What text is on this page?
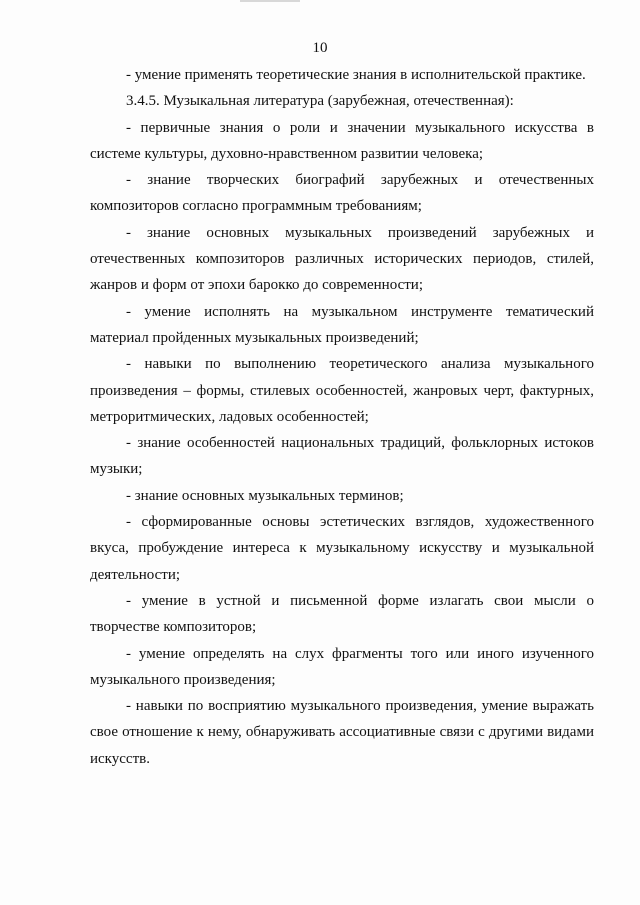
10

- умение применять теоретические знания в исполнительской практике.

3.4.5. Музыкальная литература (зарубежная, отечественная):

- первичные знания о роли и значении музыкального искусства в системе культуры, духовно-нравственном развитии человека;

- знание творческих биографий зарубежных и отечественных композиторов согласно программным требованиям;

- знание основных музыкальных произведений зарубежных и отечественных композиторов различных исторических периодов, стилей, жанров и форм от эпохи барокко до современности;

- умение исполнять на музыкальном инструменте тематический материал пройденных музыкальных произведений;

- навыки по выполнению теоретического анализа музыкального произведения – формы, стилевых особенностей, жанровых черт, фактурных, метроритмических, ладовых особенностей;

- знание особенностей национальных традиций, фольклорных истоков музыки;

- знание основных музыкальных терминов;

- сформированные основы эстетических взглядов, художественного вкуса, пробуждение интереса к музыкальному искусству и музыкальной деятельности;

- умение в устной и письменной форме излагать свои мысли о творчестве композиторов;

- умение определять на слух фрагменты того или иного изученного музыкального произведения;

- навыки по восприятию музыкального произведения, умение выражать свое отношение к нему, обнаруживать ассоциативные связи с другими видами искусств.
